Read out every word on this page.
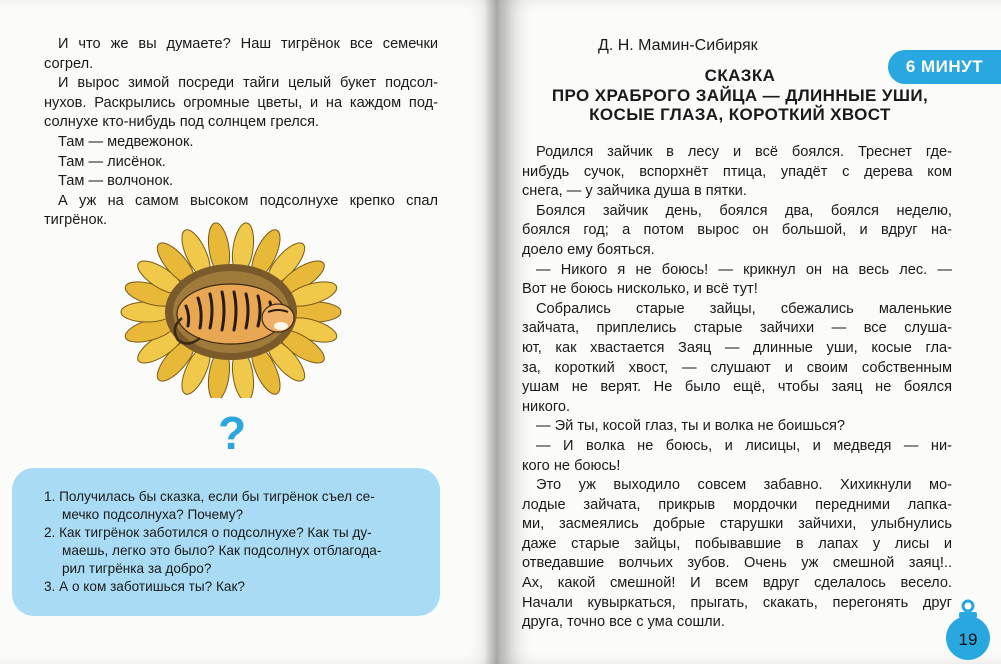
И что же вы думаете? Наш тигрёнок все семечки
согрел.
И вырос зимой посреди тайги целый букет подсол-
нухов. Раскрылись огромные цветы, и на каждом под-
солнухе кто-нибудь под солнцем грелся.
Там — медвежонок.
Там — лисёнок.
Там — волчонок.
А уж на самом высоком подсолнухе крепко спал
тигрёнок.
?
1. Получилась бы сказка, если бы тигрёнок съел се-
мечко подсолнуха? Почему?
2. Как тигрёнок заботился о подсолнухе? Как ты ду-
маешь, легко это было? Как подсолнух отблагода-
рил тигрёнка за добро?
3. А о ком заботишься ты? Как?
Д. Н. Мамин-Сибиряк
6 МИНУТ
СКАЗКА
ПРО ХРАБРОГО ЗАЙЦА — ДЛИННЫЕ УШИ,
КОСЫЕ ГЛАЗА, КОРОТКИЙ ХВОСТ
Родился зайчик в лесу и всё боялся. Треснет где-
нибудь сучок, вспорхнёт птица, упадёт с дерева ком
снега, — у зайчика душа в пятки.
Боялся зайчик день, боялся два, боялся неделю,
боялся год; а потом вырос он большой, и вдруг на-
доело ему бояться.
— Никого я не боюсь! — крикнул он на весь лес. —
Вот не боюсь нисколько, и всё тут!
Собрались старые зайцы, сбежались маленькие
зайчата, приплелись старые зайчихи — все слуша-
ют, как хвастается Заяц — длинные уши, косые гла-
за, короткий хвост, — слушают и своим собственным
ушам не верят. Не было ещё, чтобы заяц не боялся
никого.
— Эй ты, косой глаз, ты и волка не боишься?
— И волка не боюсь, и лисицы, и медведя — ни-
кого не боюсь!
Это уж выходило совсем забавно. Хихикнули мо-
лодые зайчата, прикрыв мордочки передними лапка-
ми, засмеялись добрые старушки зайчихи, улыбнулись
даже старые зайцы, побывавшие в лапах у лисы и
отведавшие волчьих зубов. Очень уж смешной заяц!..
Ах, какой смешной! И всем вдруг сделалось весело.
Начали кувыркаться, прыгать, скакать, перегонять друг
друга, точно все с ума сошли.
19
